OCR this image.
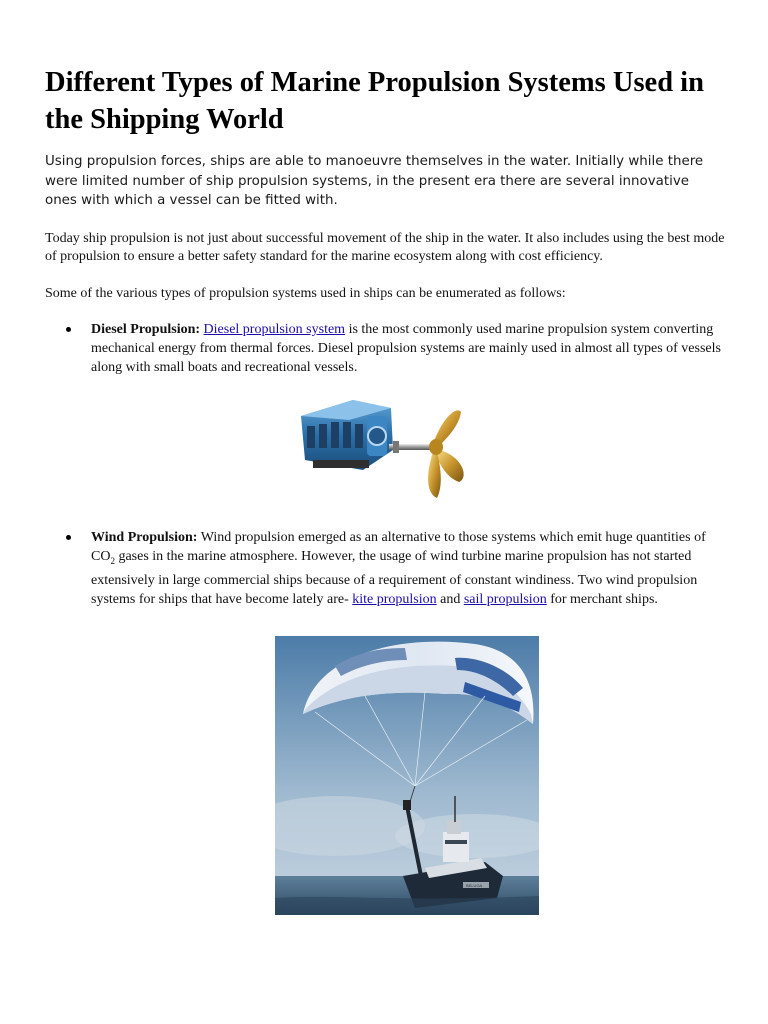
Different Types of Marine Propulsion Systems Used in the Shipping World

Using propulsion forces, ships are able to manoeuvre themselves in the water. Initially while there were limited number of ship propulsion systems, in the present era there are several innovative ones with which a vessel can be fitted with.

Today ship propulsion is not just about successful movement of the ship in the water. It also includes using the best mode of propulsion to ensure a better safety standard for the marine ecosystem along with cost efficiency.

Some of the various types of propulsion systems used in ships can be enumerated as follows:

Diesel Propulsion: Diesel propulsion system is the most commonly used marine propulsion system converting mechanical energy from thermal forces. Diesel propulsion systems are mainly used in almost all types of vessels along with small boats and recreational vessels.
Wind Propulsion: Wind propulsion emerged as an alternative to those systems which emit huge quantities of $CO_2$ gases in the marine atmosphere. However, the usage of wind turbine marine propulsion has not started extensively in large commercial ships because of a requirement of constant windiness. Two wind propulsion systems for ships that have become lately are- kite propulsion and sail propulsion for merchant ships.
BELUGA
